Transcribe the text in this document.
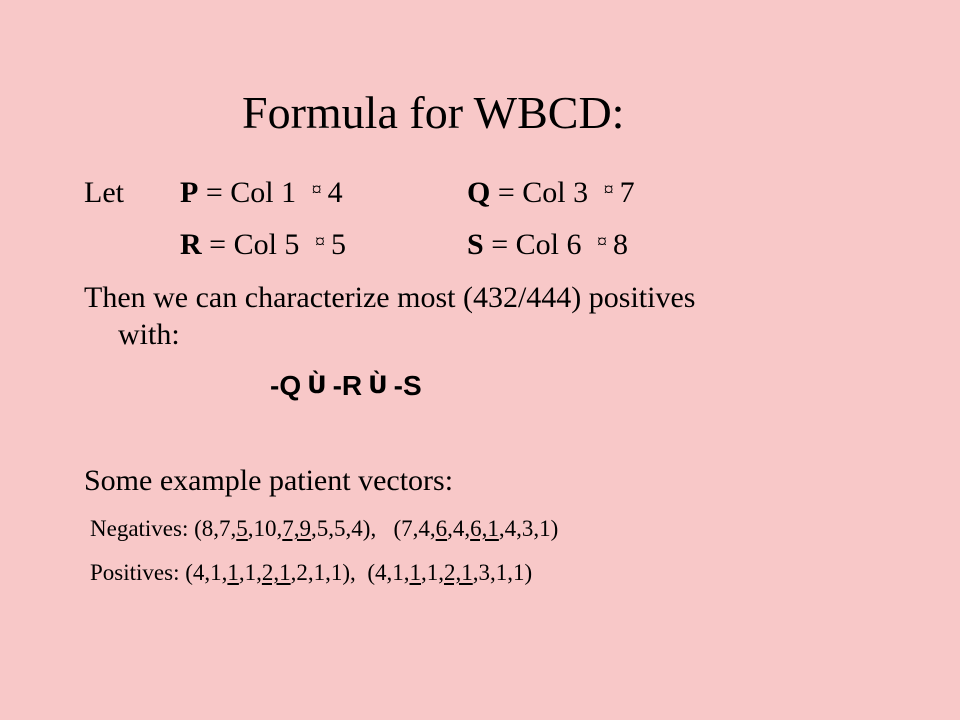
Formula for WBCD:
Let P = Col 1 ¤ 4	Q = Col 3 ¤ 7
R = Col 5 ¤ 5	S = Col 6 ¤ 8
Then we can characterize most (432/444) positives
with:
-Q Ù -R Ù -S
Some example patient vectors:
Negatives: (8,7,5,10,7,9,5,5,4),   (7,4,6,4,6,1,4,3,1)
Positives: (4,1,1,1,2,1,2,1,1),  (4,1,1,1,2,1,3,1,1)
